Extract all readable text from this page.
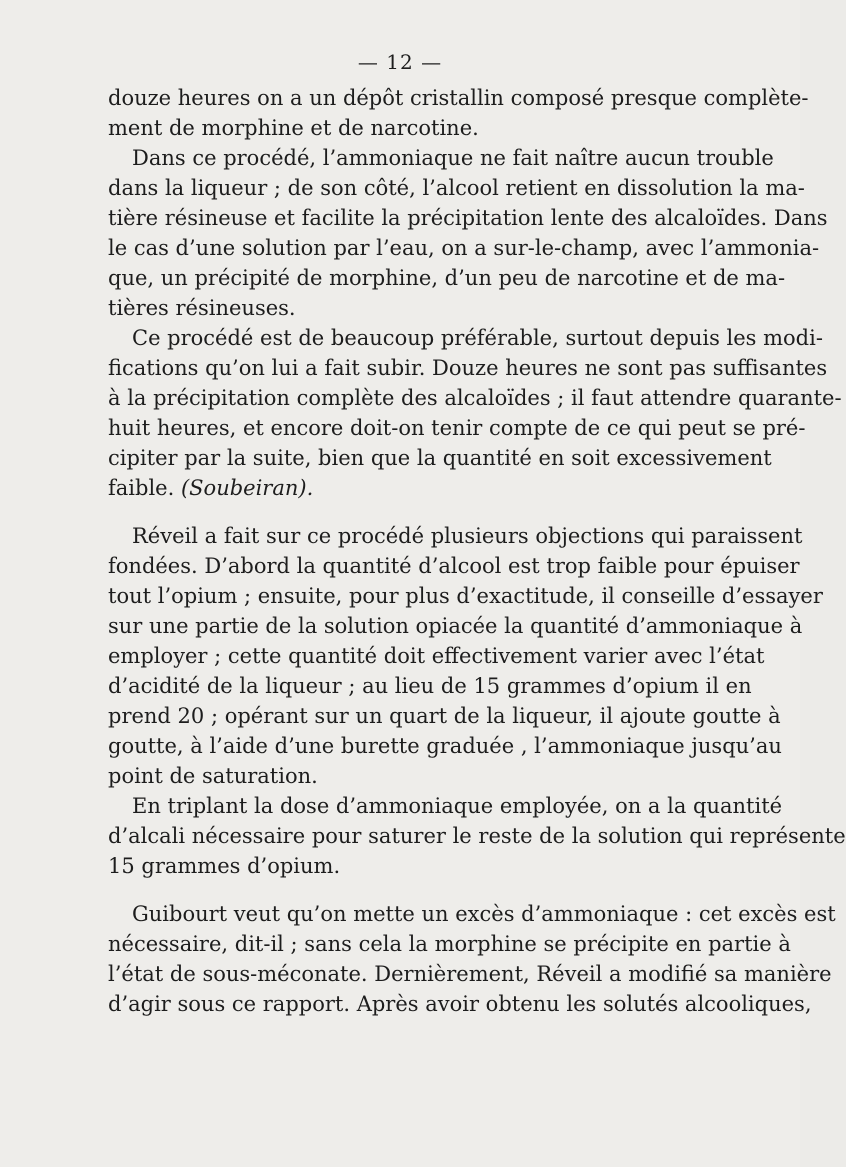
— 12 —
douze heures on a un dépôt cristallin composé presque complète-
ment de morphine et de narcotine.
Dans ce procédé, l’ammoniaque ne fait naître aucun trouble
dans la liqueur ; de son côté, l’alcool retient en dissolution la ma-
tière résineuse et facilite la précipitation lente des alcaloïdes. Dans
le cas d’une solution par l’eau, on a sur-le-champ, avec l’ammonia-
que, un précipité de morphine, d’un peu de narcotine et de ma-
tières résineuses.
Ce procédé est de beaucoup préférable, surtout depuis les modi-
fications qu’on lui a fait subir. Douze heures ne sont pas suffisantes
à la précipitation complète des alcaloïdes ; il faut attendre quarante-
huit heures, et encore doit-on tenir compte de ce qui peut se pré-
cipiter par la suite, bien que la quantité en soit excessivement
faible. (Soubeiran).
Réveil a fait sur ce procédé plusieurs objections qui paraissent
fondées. D’abord la quantité d’alcool est trop faible pour épuiser
tout l’opium ; ensuite, pour plus d’exactitude, il conseille d’essayer
sur une partie de la solution opiacée la quantité d’ammoniaque à
employer ; cette quantité doit effectivement varier avec l’état
d’acidité de la liqueur ; au lieu de 15 grammes d’opium il en
prend 20 ; opérant sur un quart de la liqueur, il ajoute goutte à
goutte, à l’aide d’une burette graduée , l’ammoniaque jusqu’au
point de saturation.
En triplant la dose d’ammoniaque employée, on a la quantité
d’alcali nécessaire pour saturer le reste de la solution qui représente
15 grammes d’opium.
Guibourt veut qu’on mette un excès d’ammoniaque : cet excès est
nécessaire, dit-il ; sans cela la morphine se précipite en partie à
l’état de sous-méconate. Dernièrement, Réveil a modifié sa manière
d’agir sous ce rapport. Après avoir obtenu les solutés alcooliques,
